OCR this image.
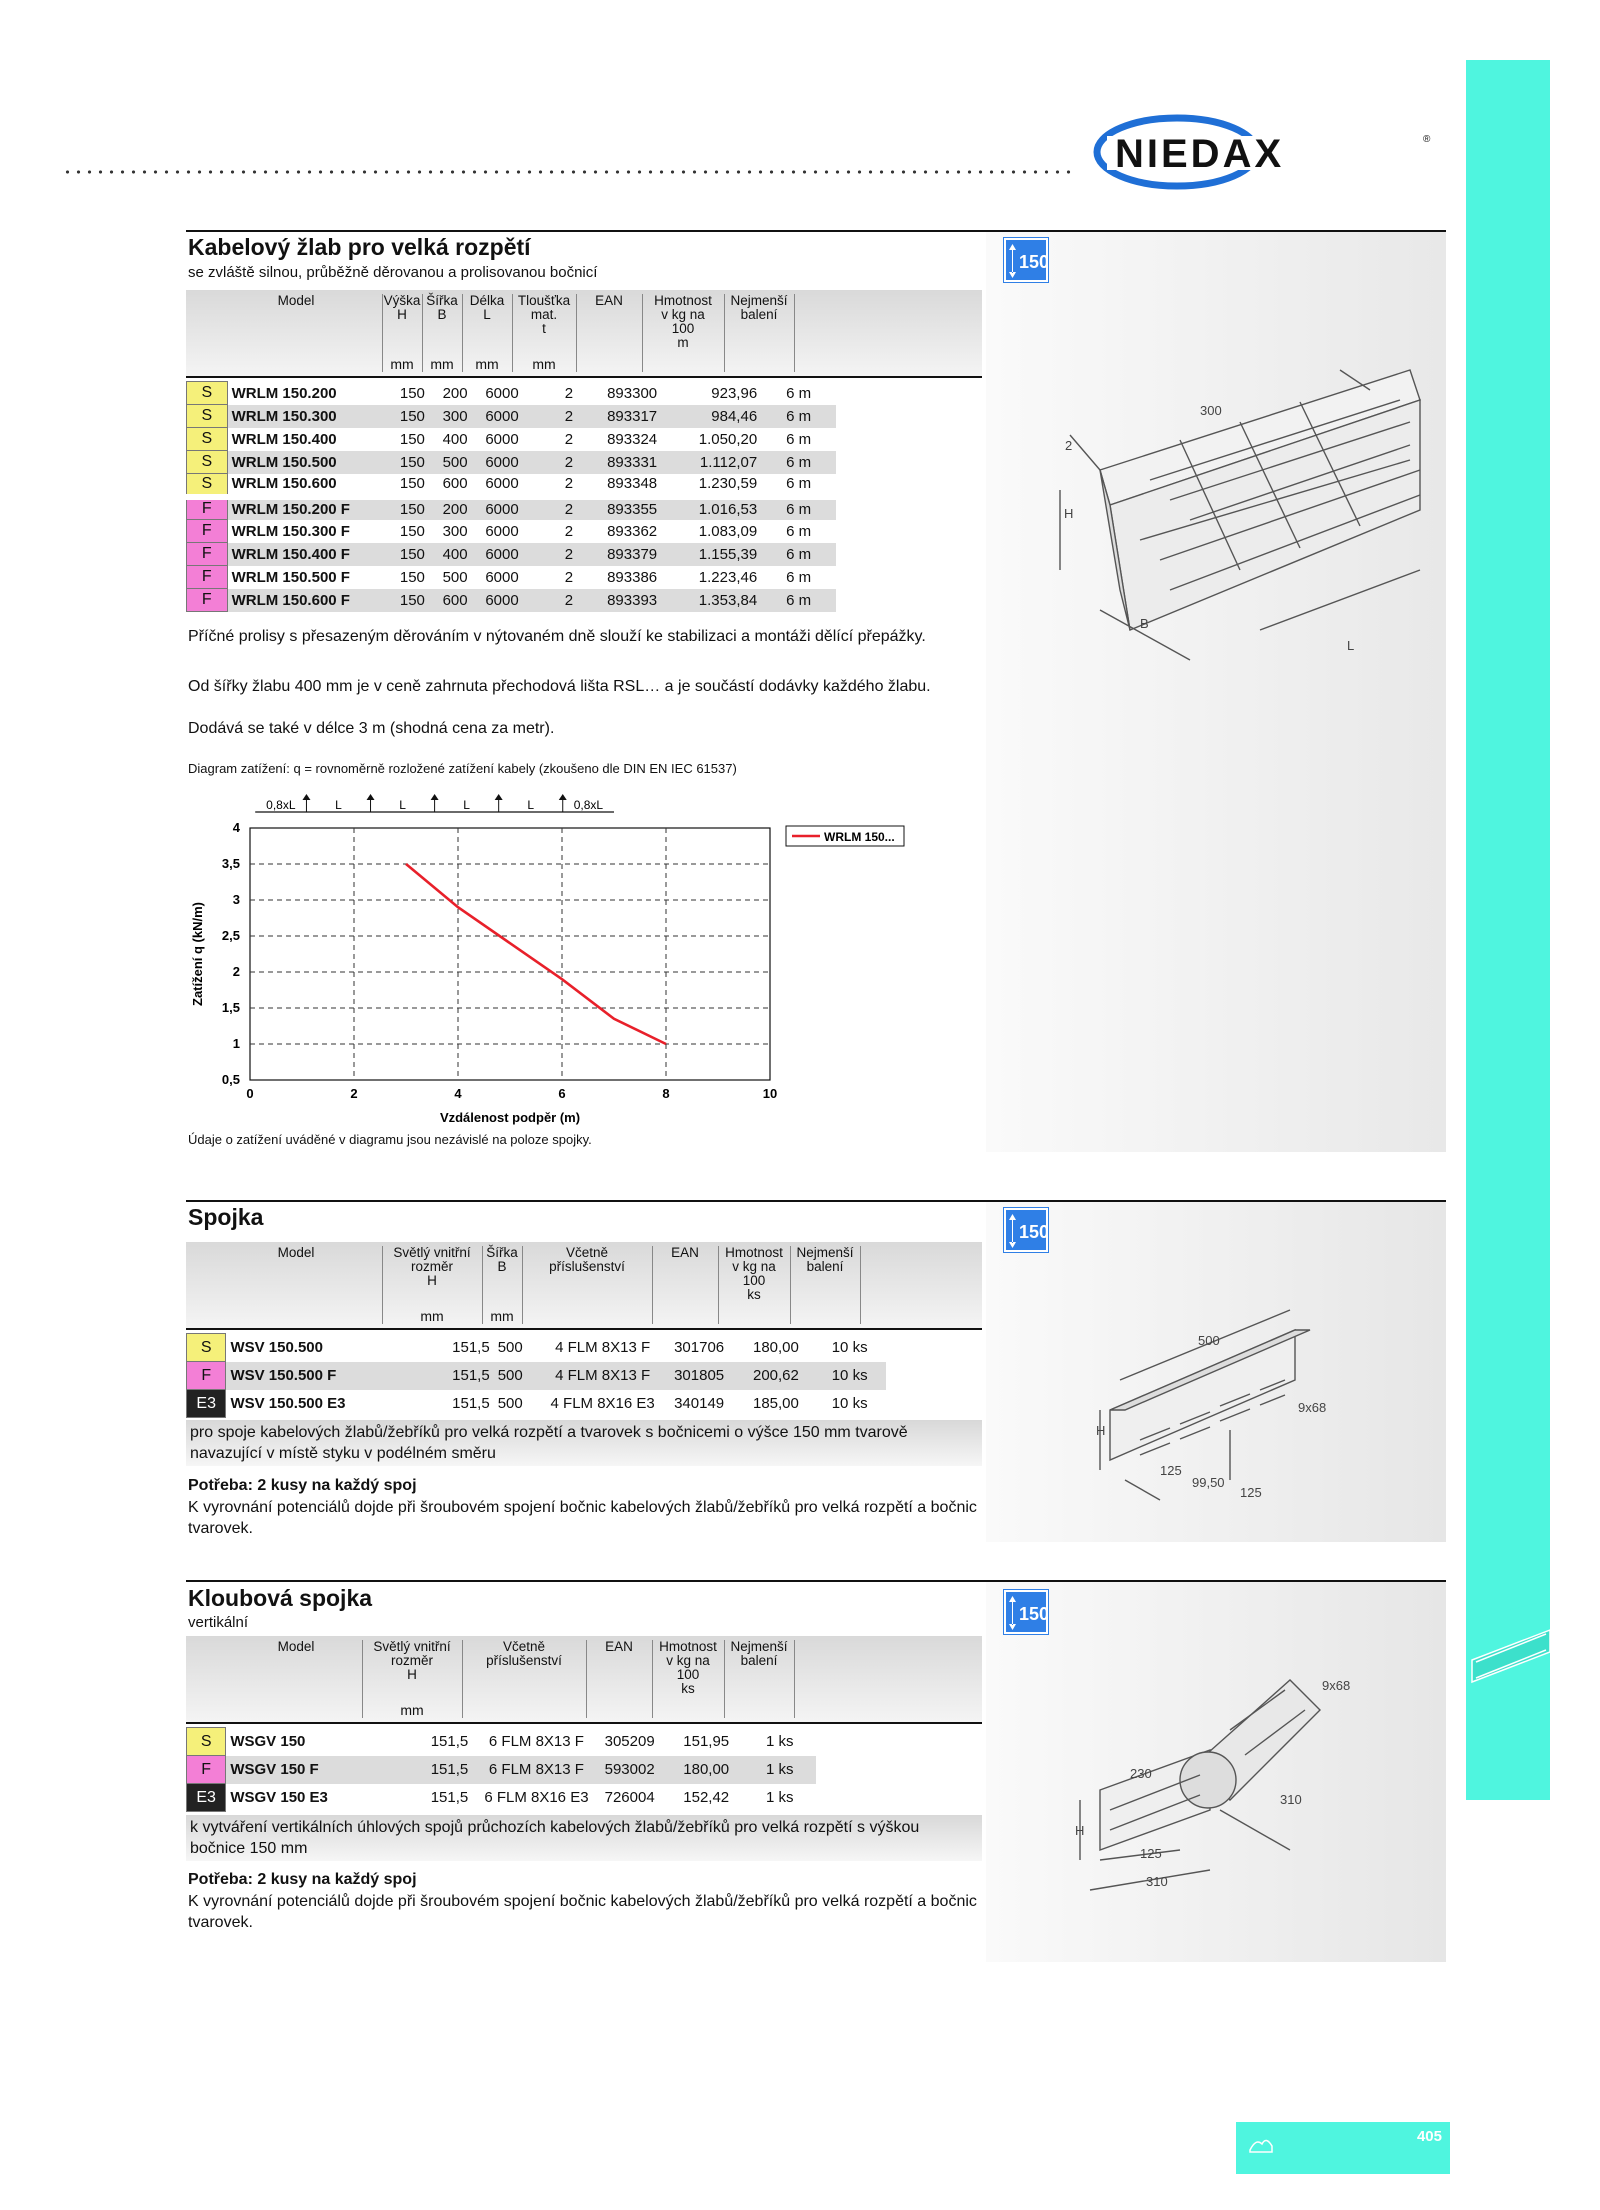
NIEDAX	®
150
Kabelový žlab pro velká rozpětí
se zvláště silnou, průběžně děrovanou a prolisovanou bočnicí
Model	Výška
H
Šířka
B
Délka
L
Tloušťka
mat.
t
EAN	Hmotnost
v kg na
100
m
Nejmenší
balení
mm	mm	mm	mm
S	WRLM 150.200	150	200	6000	2	893300	923,96	6 m
S	WRLM 150.300	150	300	6000	2	893317	984,46	6 m
S	WRLM 150.400	150	400	6000	2	893324	1.050,20	6 m
S	WRLM 150.500	150	500	6000	2	893331	1.112,07	6 m
S	WRLM 150.600	150	600	6000	2	893348	1.230,59	6 m
F	WRLM 150.200 F	150	200	6000	2	893355	1.016,53	6 m
F	WRLM 150.300 F	150	300	6000	2	893362	1.083,09	6 m
F	WRLM 150.400 F	150	400	6000	2	893379	1.155,39	6 m
F	WRLM 150.500 F	150	500	6000	2	893386	1.223,46	6 m
F	WRLM 150.600 F	150	600	6000	2	893393	1.353,84	6 m
Příčné prolisy s přesazeným děrováním v nýtovaném dně slouží ke stabilizaci a montáži dělící přepážky.
Od šířky žlabu 400 mm je v ceně zahrnuta přechodová lišta RSL… a je součástí dodávky každého žlabu.
Dodává se také v délce 3 m (shodná cena za metr).
Diagram zatížení: q = rovnoměrně rozložené zatížení kabely (zkoušeno dle DIN EN IEC 61537)
0,5
1
1,5
2
2,5
3
3,5
4
0	2	4	6	8	10
Vzdálenost podpěr (m)
Zatížení q (kN/m)
0,8xL	L	L	L	L	0,8xL
WRLM 150...
Údaje o zatížení uváděné v diagramu jsou nezávislé na poloze spojky.
300
2
H
B
L
150
Spojka
Model	Světlý vnitřní
rozměr
H
Šířka
B
Včetně
příslušenství
EAN	Hmotnost
v kg na
100
ks
Nejmenší
balení
mm	mm
S	WSV 150.500	151,5	500	4 FLM 8X13 F	301706	180,00	10 ks
F	WSV 150.500 F	151,5	500	4 FLM 8X13 F	301805	200,62	10 ks
E3	WSV 150.500 E3	151,5	500	4 FLM 8X16 E3	340149	185,00	10 ks
pro spoje kabelových žlabů/žebříků pro velká rozpětí a tvarovek s bočnicemi o výšce 150 mm tvarově navazující v místě styku v podélném směru
Potřeba: 2 kusy na každý spoj
K vyrovnání potenciálů dojde při šroubovém spojení bočnic kabelových žlabů/žebříků pro velká rozpětí a bočnic tvarovek.
500
9x68
H
125
99,50
125
150
Kloubová spojka
vertikální
Model	Světlý vnitřní
rozměr
H
Včetně
příslušenství
EAN	Hmotnost
v kg na
100
ks
Nejmenší
balení
mm
S	WSGV 150	151,5	6 FLM 8X13 F	305209	151,95	1 ks
F	WSGV 150 F	151,5	6 FLM 8X13 F	593002	180,00	1 ks
E3	WSGV 150 E3	151,5	6 FLM 8X16 E3	726004	152,42	1 ks
k vytváření vertikálních úhlových spojů průchozích kabelových žlabů/žebříků pro velká rozpětí s výškou bočnice 150 mm
Potřeba: 2 kusy na každý spoj
K vyrovnání potenciálů dojde při šroubovém spojení bočnic kabelových žlabů/žebříků pro velká rozpětí a bočnic tvarovek.
9x68
230
310
H
125
310
405
